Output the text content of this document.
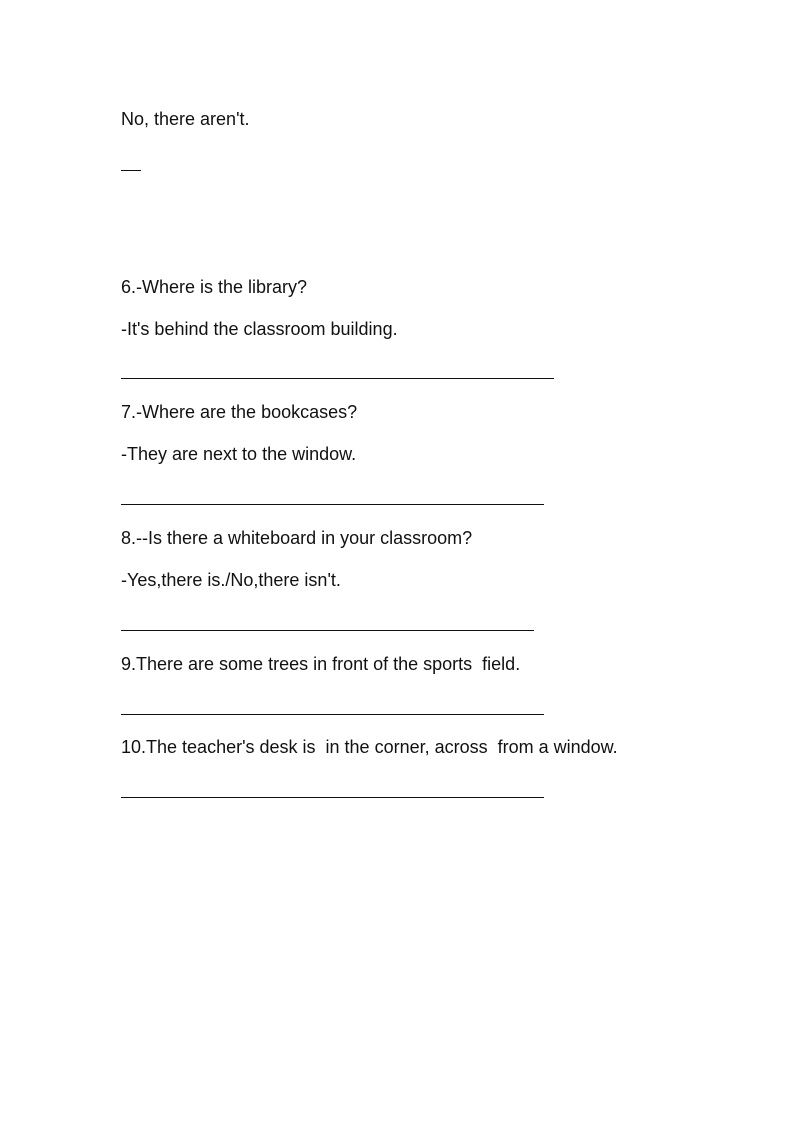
No, there aren't.
6.-Where is the library?
-It's behind the classroom building.
7.-Where are the bookcases?
-They are next to the window.
8.--Is there a whiteboard in your classroom?
-Yes,there is./No,there isn't.
9.There are some trees in front of the sports  field.
10.The teacher's desk is  in the corner, across  from a window.
